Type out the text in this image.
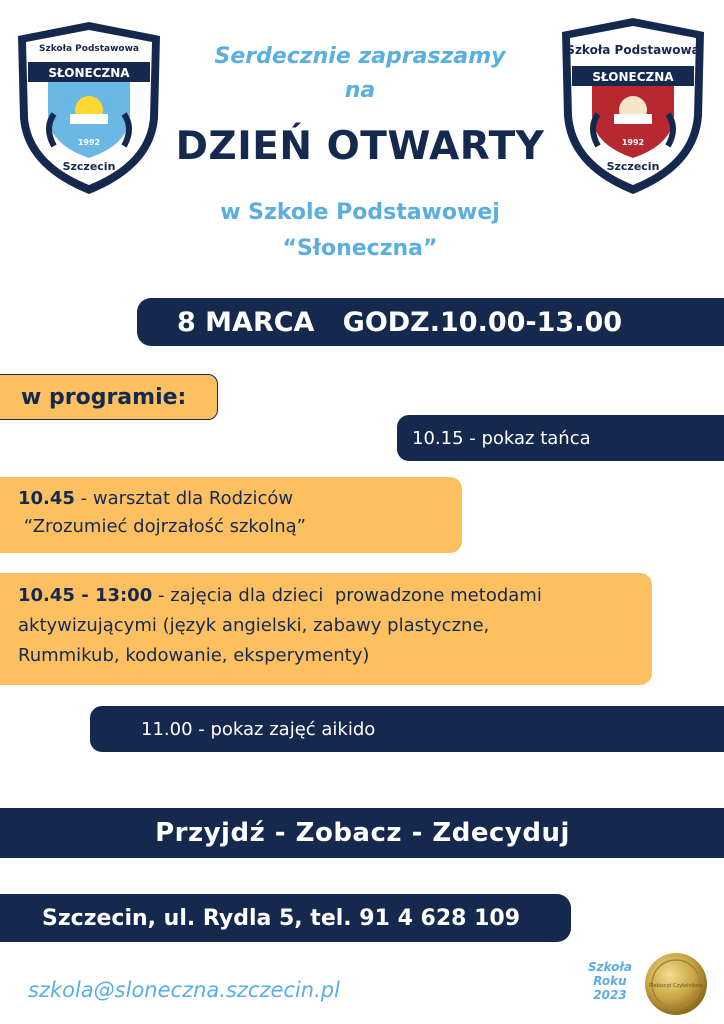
Szkoła Podstawowa
SŁONECZNA
1992
Szczecin
Szkoła Podstawowa
SŁONECZNA
1992
Szczecin
Serdecznie zapraszamy
na
DZIEŃ OTWARTY
w Szkole Podstawowej
“Słoneczna”
8 MARCA   GODZ.10.00-13.00
w programie:
10.15 - pokaz tańca
10.45 - warsztat dla Rodziców
“Zrozumieć dojrzałość szkolną”
10.45 - 13:00 - zajęcia dla dzieci  prowadzone metodami
aktywizującymi (język angielski, zabawy plastyczne,
Rummikub, kodowanie, eksperymenty)
11.00 - pokaz zajęć aikido
Przyjdź - Zobacz - Zdecyduj
Szczecin, ul. Rydla 5, tel. 91 4 628 109
szkola@sloneczna.szczecin.pl
Szkoła
Roku
2023
Plebiscyt Czytelników
